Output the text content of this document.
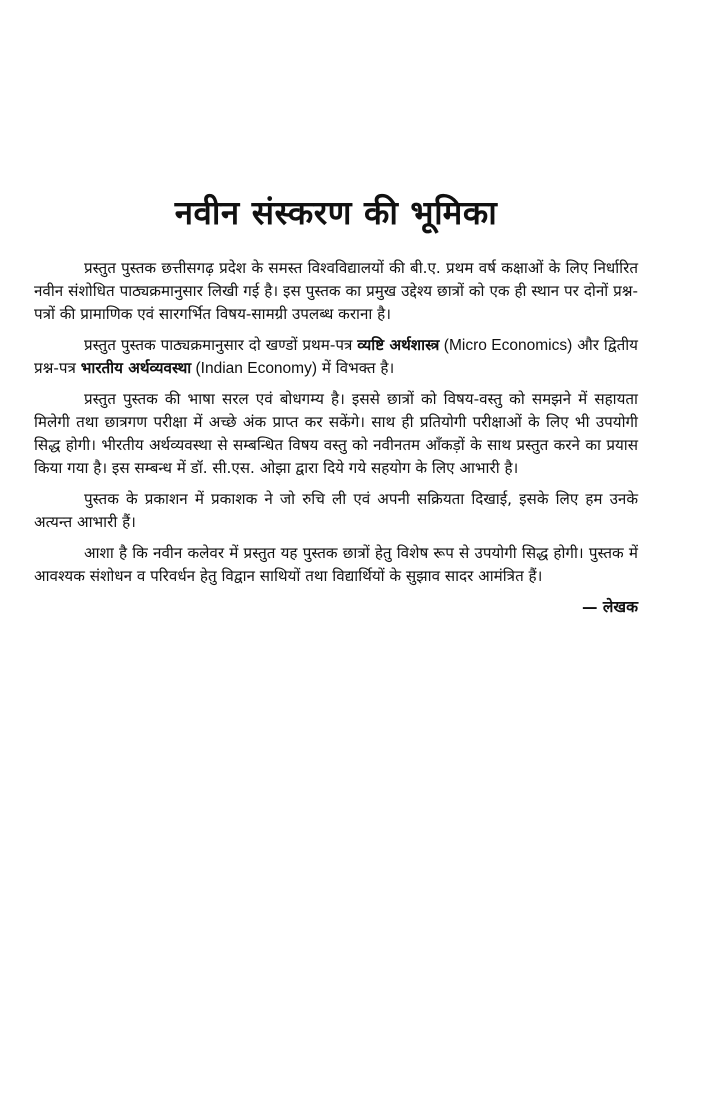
नवीन संस्करण की भूमिका

प्रस्तुत पुस्तक छत्तीसगढ़ प्रदेश के समस्त विश्वविद्यालयों की बी.ए. प्रथम वर्ष कक्षाओं के लिए निर्धारित नवीन संशोधित पाठ्यक्रमानुसार लिखी गई है। इस पुस्तक का प्रमुख उद्देश्य छात्रों को एक ही स्थान पर दोनों प्रश्न-पत्रों की प्रामाणिक एवं सारगर्भित विषय-सामग्री उपलब्ध कराना है।

प्रस्तुत पुस्तक पाठ्यक्रमानुसार दो खण्डों प्रथम-पत्र व्यष्टि अर्थशास्त्र (Micro Economics) और द्वितीय प्रश्न-पत्र भारतीय अर्थव्यवस्था (Indian Economy) में विभक्त है।

प्रस्तुत पुस्तक की भाषा सरल एवं बोधगम्य है। इससे छात्रों को विषय-वस्तु को समझने में सहायता मिलेगी तथा छात्रगण परीक्षा में अच्छे अंक प्राप्त कर सकेंगे। साथ ही प्रतियोगी परीक्षाओं के लिए भी उपयोगी सिद्ध होगी। भीरतीय अर्थव्यवस्था से सम्बन्धित विषय वस्तु को नवीनतम आँकड़ों के साथ प्रस्तुत करने का प्रयास किया गया है। इस सम्बन्ध में डॉ. सी.एस. ओझा द्वारा दिये गये सहयोग के लिए आभारी है।

पुस्तक के प्रकाशन में प्रकाशक ने जो रुचि ली एवं अपनी सक्रियता दिखाई, इसके लिए हम उनके अत्यन्त आभारी हैं।

आशा है कि नवीन कलेवर में प्रस्तुत यह पुस्तक छात्रों हेतु विशेष रूप से उपयोगी सिद्ध होगी। पुस्तक में आवश्यक संशोधन व परिवर्धन हेतु विद्वान साथियों तथा विद्यार्थियों के सुझाव सादर आमंत्रित हैं।

— लेखक
